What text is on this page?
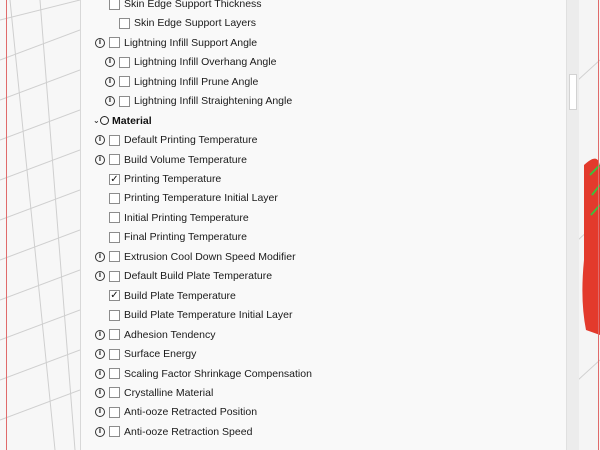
Skin Edge Support Thickness
Skin Edge Support Layers
i	Lightning Infill Support Angle
i	Lightning Infill Overhang Angle
i	Lightning Infill Prune Angle
i	Lightning Infill Straightening Angle
⌄ Material
i	Default Printing Temperature
i	Build Volume Temperature
✓ Printing Temperature
Printing Temperature Initial Layer
Initial Printing Temperature
Final Printing Temperature
i	Extrusion Cool Down Speed Modifier
i	Default Build Plate Temperature
✓ Build Plate Temperature
Build Plate Temperature Initial Layer
i	Adhesion Tendency
i	Surface Energy
i	Scaling Factor Shrinkage Compensation
i	Crystalline Material
i	Anti-ooze Retracted Position
i	Anti-ooze Retraction Speed
